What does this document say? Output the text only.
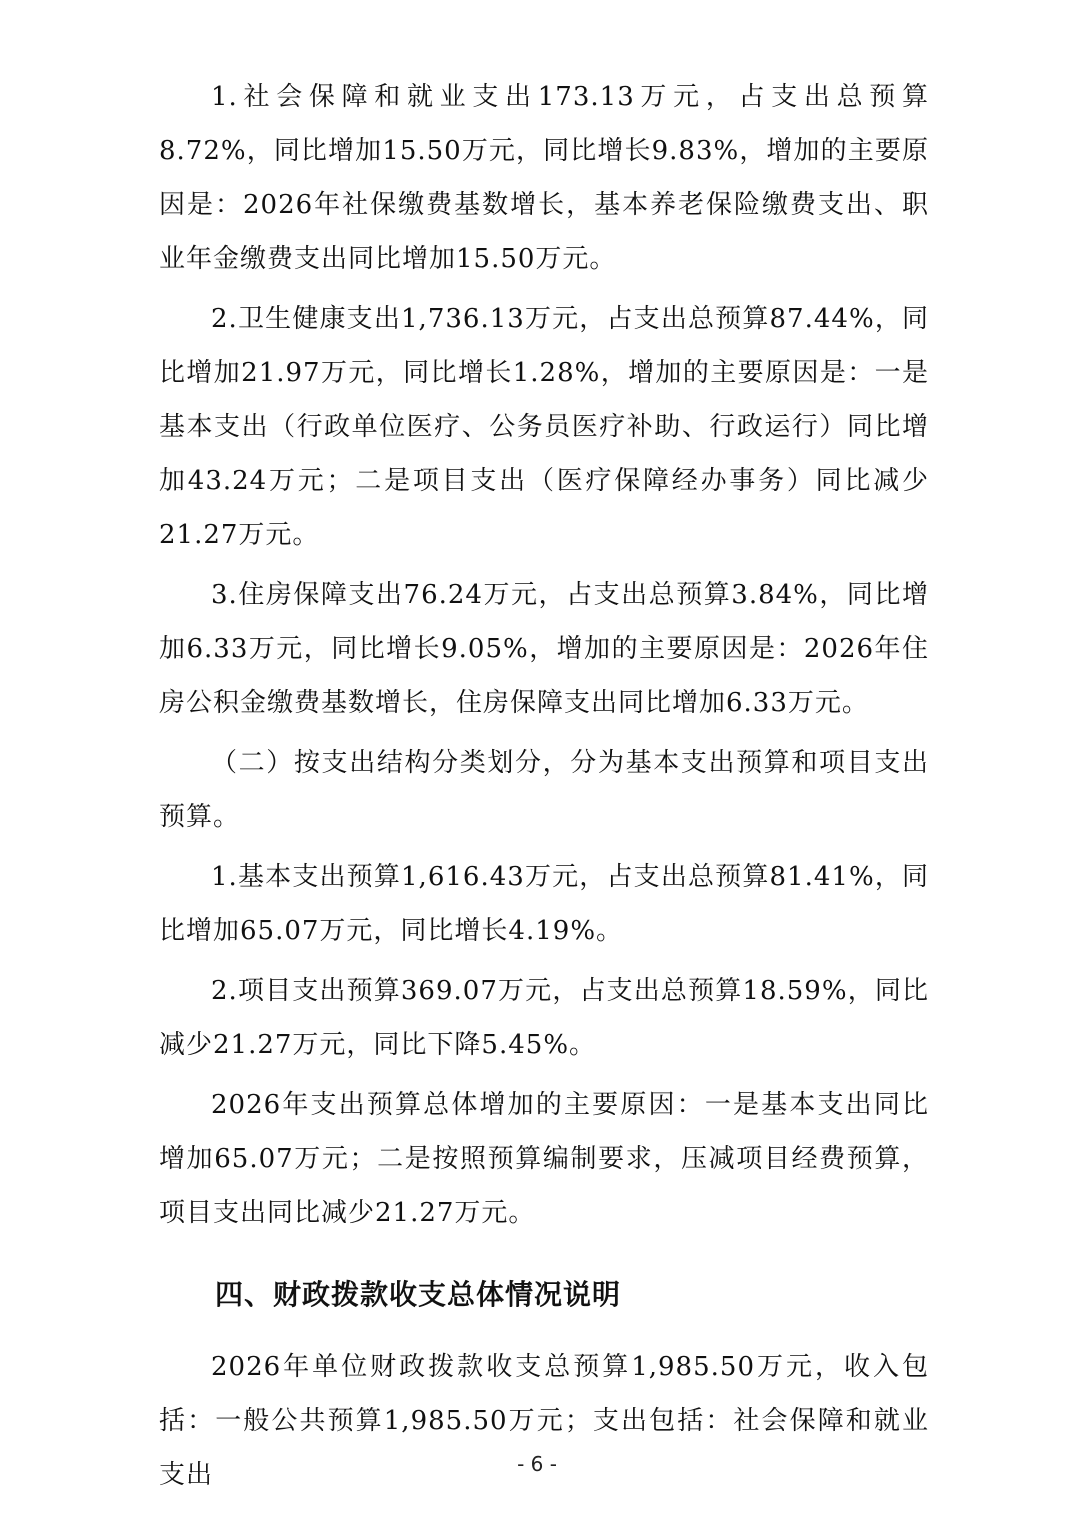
1.社会保障和就业支出173.13万元，占支出总预算8.72%，同比增加15.50万元，同比增长9.83%，增加的主要原因是：2026年社保缴费基数增长，基本养老保险缴费支出、职业年金缴费支出同比增加15.50万元。

2.卫生健康支出1,736.13万元，占支出总预算87.44%，同比增加21.97万元，同比增长1.28%，增加的主要原因是：一是基本支出（行政单位医疗、公务员医疗补助、行政运行）同比增加43.24万元；二是项目支出（医疗保障经办事务）同比减少21.27万元。

3.住房保障支出76.24万元，占支出总预算3.84%，同比增加6.33万元，同比增长9.05%，增加的主要原因是：2026年住房公积金缴费基数增长，住房保障支出同比增加6.33万元。

（二）按支出结构分类划分，分为基本支出预算和项目支出预算。

1.基本支出预算1,616.43万元，占支出总预算81.41%，同比增加65.07万元，同比增长4.19%。

2.项目支出预算369.07万元，占支出总预算18.59%，同比减少21.27万元，同比下降5.45%。

2026年支出预算总体增加的主要原因：一是基本支出同比增加65.07万元；二是按照预算编制要求，压减项目经费预算，项目支出同比减少21.27万元。

四、财政拨款收支总体情况说明

2026年单位财政拨款收支总预算1,985.50万元，收入包括：一般公共预算1,985.50万元；支出包括：社会保障和就业支出	- 6 -
